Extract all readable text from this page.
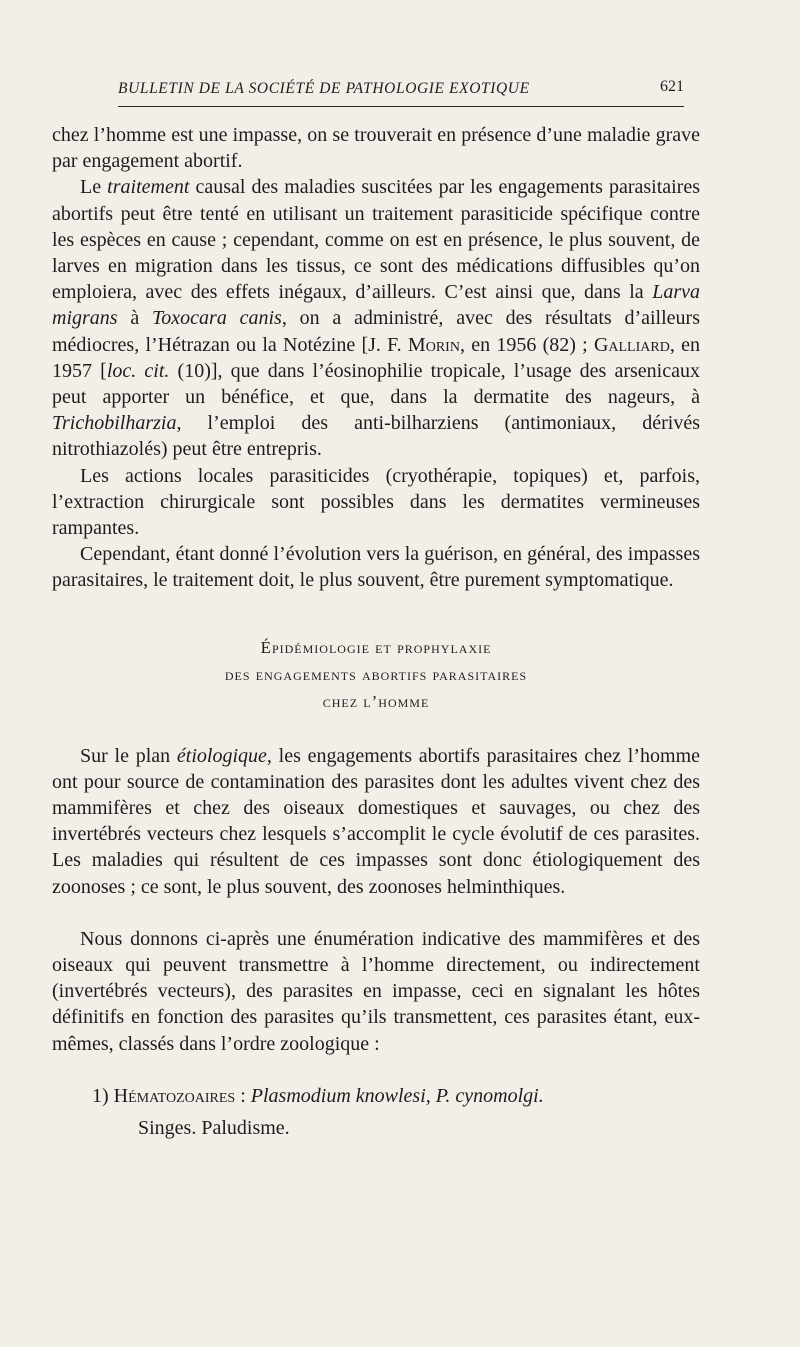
BULLETIN DE LA SOCIÉTÉ DE PATHOLOGIE EXOTIQUE	621

chez l’homme est une impasse, on se trouverait en présence d’une maladie grave par engagement abortif.

Le traitement causal des maladies suscitées par les engagements parasitaires abortifs peut être tenté en utilisant un traitement parasiticide spécifique contre les espèces en cause ; cependant, comme on est en présence, le plus souvent, de larves en migration dans les tissus, ce sont des médications diffusibles qu’on emploiera, avec des effets inégaux, d’ailleurs. C’est ainsi que, dans la Larva migrans à Toxocara canis, on a administré, avec des résultats d’ailleurs médiocres, l’Hétrazan ou la Notézine [J. F. Morin, en 1956 (82) ; Galliard, en 1957 [loc. cit. (10)], que dans l’éosinophilie tropicale, l’usage des arsenicaux peut apporter un bénéfice, et que, dans la dermatite des nageurs, à Trichobilharzia, l’emploi des anti-bilharziens (antimoniaux, dérivés nitrothiazolés) peut être entrepris.

Les actions locales parasiticides (cryothérapie, topiques) et, parfois, l’extraction chirurgicale sont possibles dans les dermatites vermineuses rampantes.

Cependant, étant donné l’évolution vers la guérison, en général, des impasses parasitaires, le traitement doit, le plus souvent, être purement symptomatique.

Épidémiologie et prophylaxie
des engagements abortifs parasitaires
chez l’homme

Sur le plan étiologique, les engagements abortifs parasitaires chez l’homme ont pour source de contamination des parasites dont les adultes vivent chez des mammifères et chez des oiseaux domestiques et sauvages, ou chez des invertébrés vecteurs chez lesquels s’accomplit le cycle évolutif de ces parasites. Les maladies qui résultent de ces impasses sont donc étiologiquement des zoonoses ; ce sont, le plus souvent, des zoonoses helminthiques.

Nous donnons ci-après une énumération indicative des mammifères et des oiseaux qui peuvent transmettre à l’homme directement, ou indirectement (invertébrés vecteurs), des parasites en impasse, ceci en signalant les hôtes définitifs en fonction des parasites qu’ils transmettent, ces parasites étant, eux-mêmes, classés dans l’ordre zoologique :

1) Hématozoaires : Plasmodium knowlesi, P. cynomolgi.
Singes. Paludisme.
